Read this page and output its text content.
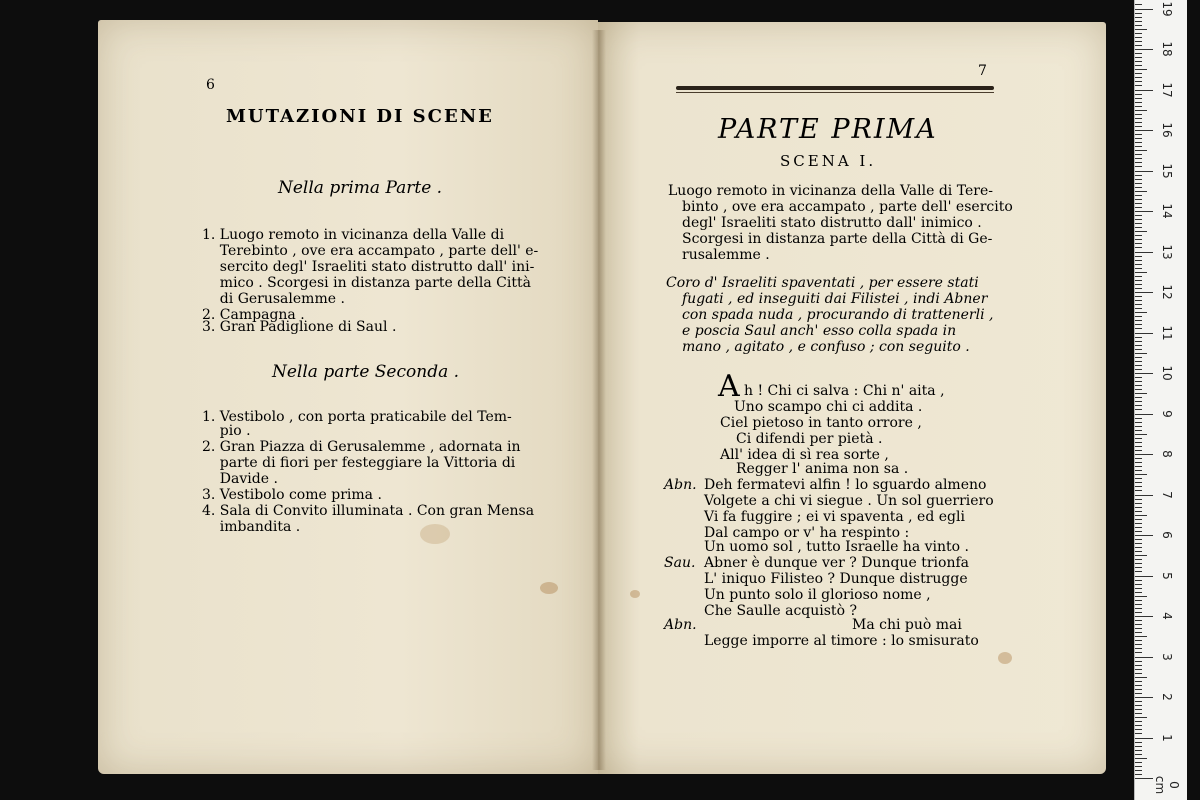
6
MUTAZIONI DI SCENE
Nella prima Parte .
1. Luogo remoto in vicinanza della Valle di
Terebinto , ove era accampato , parte dell' e-
sercito degl' Israeliti stato distrutto dall' ini-
mico . Scorgesi in distanza parte della Città
di Gerusalemme .
2. Campagna .
3. Gran Padiglione di Saul .
Nella parte Seconda .
1. Vestibolo , con porta praticabile del Tem-
pio .
2. Gran Piazza di Gerusalemme , adornata in
parte di fiori per festeggiare la Vittoria di
Davide .
3. Vestibolo come prima .
4. Sala di Convito illuminata . Con gran Mensa
imbandita .
7
PARTE PRIMA
SCENA I.
Luogo remoto in vicinanza della Valle di Tere-
binto , ove era accampato , parte dell' esercito
degl' Israeliti stato distrutto dall' inimico .
Scorgesi in distanza parte della Città di Ge-
rusalemme .
Coro d' Israeliti spaventati , per essere stati
fugati , ed inseguiti dai Filistei , indi Abner
con spada nuda , procurando di trattenerli ,
e poscia Saul anch' esso colla spada in
mano , agitato , e confuso ; con seguito .
A h ! Chi ci salva : Chi n' aita ,
Uno scampo chi ci addita .
Ciel pietoso in tanto orrore ,
Ci difendi per pietà .
All' idea di sì rea sorte ,
Regger l' anima non sa .
Abn. Deh fermatevi alfin ! lo sguardo almeno
Volgete a chi vi siegue . Un sol guerriero
Vi fa fuggire ; ei vi spaventa , ed egli
Dal campo or v' ha respinto :
Un uomo sol , tutto Israelle ha vinto .
Sau. Abner è dunque ver ? Dunque trionfa
L' iniquo Filisteo ? Dunque distrugge
Un punto solo il glorioso nome ,
Che Saulle acquistò ?
Abn.	Ma chi può mai
Legge imporre al timore : lo smisurato
0 cm
1
2
3
4
5
6
7
8
9
10
11
12
13
14
15
16
17
18
19
